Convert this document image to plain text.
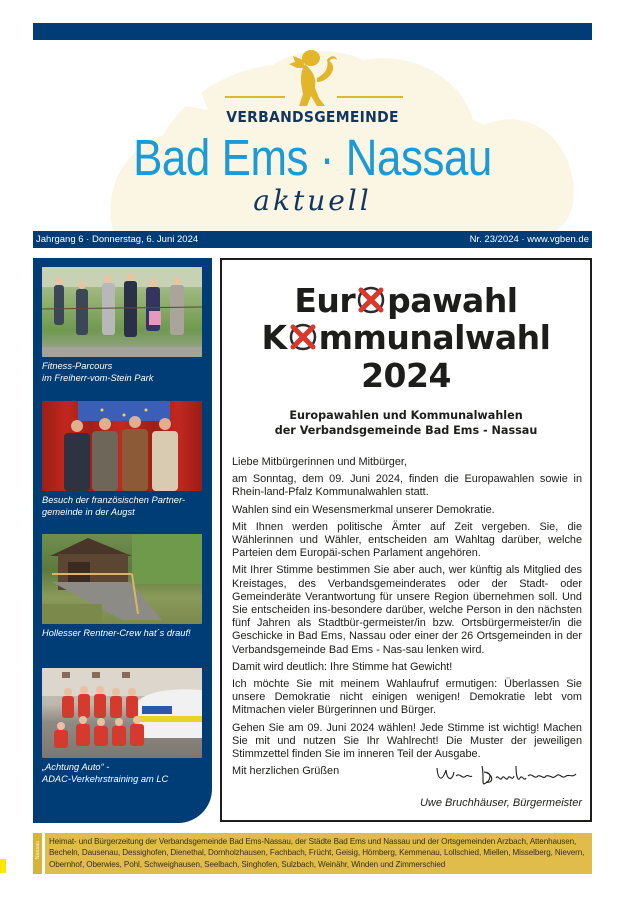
VERBANDSGEMEINDE
Bad Ems · Nassau
aktuell
Jahrgang 6 · Donnerstag, 6. Juni 2024	Nr. 23/2024 · www.vgben.de
Fitness-Parcours
im Freiherr-vom-Stein Park
Besuch der französischen Partner-
gemeinde in der Augst
Hollesser Rentner-Crew hat´s drauf!
„Achtung Auto“ -
ADAC-Verkehrstraining am LC
Eur pawahl
K mmunalwahl
2024
Europawahlen und Kommunalwahlen
der Verbandsgemeinde Bad Ems - Nassau

Liebe Mitbürgerinnen und Mitbürger,

am Sonntag, dem 09. Juni 2024, finden die Europawahlen sowie in Rhein-land-Pfalz Kommunalwahlen statt.

Wahlen sind ein Wesensmerkmal unserer Demokratie.

Mit Ihnen werden politische Ämter auf Zeit vergeben. Sie, die Wählerinnen und Wähler, entscheiden am Wahltag darüber, welche Parteien dem Europäi-schen Parlament angehören.

Mit Ihrer Stimme bestimmen Sie aber auch, wer künftig als Mitglied des Kreistages, des Verbandsgemeinderates oder der Stadt- oder Gemeinderäte Verantwortung für unsere Region übernehmen soll. Und Sie entscheiden ins-besondere darüber, welche Person in den nächsten fünf Jahren als Stadtbür-germeister/in bzw. Ortsbürgermeister/in die Geschicke in Bad Ems, Nassau oder einer der 26 Ortsgemeinden in der Verbandsgemeinde Bad Ems - Nas-sau lenken wird.

Damit wird deutlich: Ihre Stimme hat Gewicht!

Ich möchte Sie mit meinem Wahlaufruf ermutigen: Überlassen Sie unsere Demokratie nicht einigen wenigen! Demokratie lebt vom Mitmachen vieler Bürgerinnen und Bürger.

Gehen Sie am 09. Juni 2024 wählen! Jede Stimme ist wichtig! Machen Sie mit und nutzen Sie Ihr Wahlrecht! Die Muster der jeweiligen Stimmzettel finden Sie im inneren Teil der Ausgabe.

Mit herzlichen Grüßen

Uwe Bruchhäuser, Bürgermeister
Nassau Heimat- und Bürgerzeitung der Verbandsgemeinde Bad Ems-Nassau, der Städte Bad Ems und Nassau und der Ortsgemeinden Arzbach, Attenhausen, Becheln, Dausenau, Dessighofen, Dienethal, Dornholzhausen, Fachbach, Frücht, Geisig, Hömberg, Kemmenau, Lollschied, Miellen, Misselberg, Nievern, Obernhof, Oberwies, Pohl, Schweighausen, Seelbach, Singhofen, Sulzbach, Weinähr, Winden und Zimmerschied
